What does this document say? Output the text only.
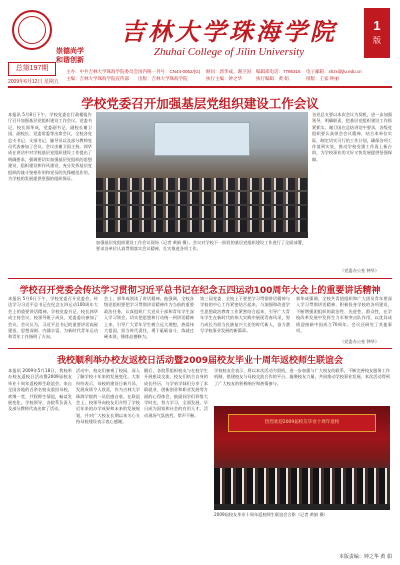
崇德尚学
和谐创新
吉林大学珠海学院
Zhuhai College of Jilin University
1
版
总第197期
2009年6月12日 星期五
主办：中共吉林大学珠海学院委员会
主编：吉林大学珠海学院宣传部
国内统一刊号：CN44-0052/(G)
出版：吉林大学珠海学院
顾问：郭华成、谢卫国
执行主编：钟之华
编辑部电话：7796316
执行编辑：黄 娟
电子邮箱：xhzx@jlu.edu.cn
排版：王家 钟丽
学校党委召开加强基层党组织建设工作会议
本报讯 5月8日下午，学校党委在行政楼报告厅召开加强基层党组织建设工作会议。党委书记、校长郭华成，党委副书记、副校长谢卫国，副校长、党委常委等出席会议，全校各党总支书记、支部书记、辅导员以及部分教师党员代表参加了会议。会议由谢卫国主持。郭华成在讲话中对学校基层党组织建设工作提出了明确要求，强调要切实加强基层党组织的思想建设、组织建设和作风建设，充分发挥基层党组织的战斗堡垒作用和党员的先锋模范作用，为学校的发展提供坚强的组织保证。
加强基层党组织建设工作会议现场（记者 黄娟 摄）。会议对学校下一阶段的基层党组织建设工作进行了全面部署，要求各单位认真贯彻落实会议精神，扎实推进各项工作。
各党总支要以本次会议为契机，进一步加强领导，明确职责，把基层党组织建设工作抓紧抓实。谢卫国在总结讲话中要求，各级党组织要认真领会会议精神，结合本单位实际，制定切实可行的工作计划，确保各项工作落到实处，推动学校党建工作再上新台阶，为学校事业的又好又快发展提供坚强保障。
（党委办公室 钟华）
学校召开党委会传达学习贯彻习近平总书记在纪念五四运动100周年大会上的重要讲话精神
本报讯 5月6日下午，学校党委召开党委会，传达学习习近平总书记在纪念五四运动100周年大会上的重要讲话精神。学校党委书记、校长郭华成主持会议，校领导班子成员、党委委员参加了会议。会议认为，习近平总书记的重要讲话高屋建瓴、思想深刻、内涵丰富，为新时代青年运动和青年工作指明了方向。
会上，郭华成领读了讲话精神。他强调，全校各级党组织要把学习贯彻讲话精神作为当前的重要政治任务，认真组织广大党员干部和青年学生深入学习领会，切实把思想和行动统一到讲话精神上来，引导广大青年学生树立远大理想，热爱伟大祖国，担当时代责任，勇于砥砺奋斗，练就过硬本领，锤炼品德修为。
第三届党委、全校上下要把学习贯彻讲话精神与学校的中心工作紧密结合起来，与加强和改进学生思想政治教育工作紧密结合起来，引导广大青年学生在新时代的伟大实践中展现青春风采，努力成长为担当民族复兴大任的时代新人，奋力谱写学校事业发展的新篇章。
郭华成强调，全校共青团组织和广大团员青年要深入学习贯彻讲话精神，积极投身学校的各项建设，不断增强团组织的政治性、先进性、群众性，在学校改革发展中发挥生力军和突击队作用，以优异成绩迎接新中国成立70周年。会议还研究了其他事项。
（党委办公室 钟华）
我校顺利举办校友返校日活动暨2009届校友毕业十周年返校师生联谊会
本报讯 2009年5月18日，我校举办校友返校日活动暨2009届校友毕业十周年返校师生联谊会。来自全国各地的百余名校友重回母校，欢聚一堂，共叙师生情谊，畅谈发展变化。学校领导、各院系负责人及部分教师代表出席了活动。
活动中，校友们参观了校园，深入了解学校十年来的发展变化。大家纷纷表示，母校的建设日新月异，发展成绩令人欣喜，作为吉林大学珠海学院的一员倍感自豪。在联谊会上，校领导向校友们介绍了学校近年来的办学成果和未来的发展规划，并对广大校友长期以来关心支持母校建设表示衷心感谢。
随后，各院系组织校友与在校学生开展座谈交流，校友们结合自身的成长经历，与学弟学妹们分享了求职就业、创新创业和职业发展等方面的心得体会，鼓励同学们珍惜大学时光，努力学习，全面发展，早日成为国家和社会的有用人才。活动现场气氛热烈，掌声不断。
学校校友会表示，将以本次活动为契机，进一步加强与广大校友的联系，不断完善校友服务工作机制，搭建校友与母校交流合作的平台，凝聚校友力量，共同推动学校事业发展。本次活动得到了广大校友的积极响应和热情参与。
热烈欢迎2009届校友毕业十周年返校
2009届校友毕业十周年返校师生联谊会合影（记者 黄娟 摄）
本版责编：钟之华 黄 娟
